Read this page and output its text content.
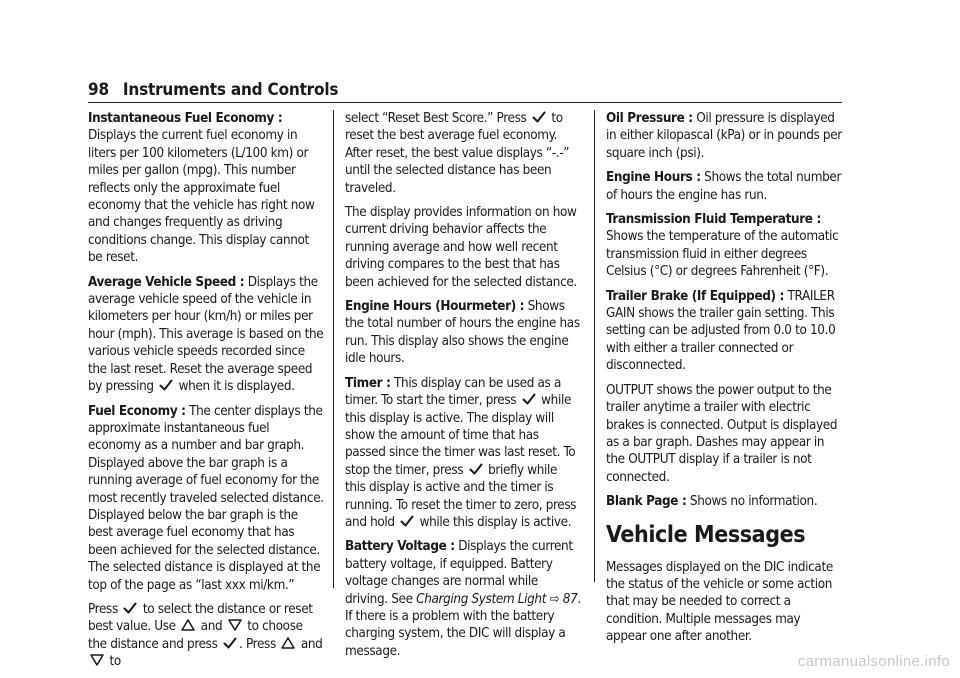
98 Instruments and Controls

Instantaneous Fuel Economy : Displays the current fuel economy in liters per 100 kilometers (L/100 km) or miles per gallon (mpg). This number reflects only the approximate fuel economy that the vehicle has right now and changes frequently as driving conditions change. This display cannot be reset.

Average Vehicle Speed : Displays the average vehicle speed of the vehicle in kilometers per hour (km/h) or miles per hour (mph). This average is based on the various vehicle speeds recorded since the last reset. Reset the average speed by pressing
when it is displayed.

Fuel Economy : The center displays the approximate instantaneous fuel economy as a number and bar graph. Displayed above the bar graph is a running average of fuel economy for the most recently traveled selected distance. Displayed below the bar graph is the best average fuel economy that has been achieved for the selected distance. The selected distance is displayed at the top of the page as “last xxx mi/km.”

Press
to select the distance or reset best value. Use
and
to choose the distance and press
. Press
and
to

select “Reset Best Score.” Press
to reset the best average fuel economy. After reset, the best value displays “-.-” until the selected distance has been traveled.

The display provides information on how current driving behavior affects the running average and how well recent driving compares to the best that has been achieved for the selected distance.

Engine Hours (Hourmeter) : Shows the total number of hours the engine has run. This display also shows the engine idle hours.

Timer : This display can be used as a timer. To start the timer, press
while this display is active. The display will show the amount of time that has passed since the timer was last reset. To stop the timer, press
briefly while this display is active and the timer is running. To reset the timer to zero, press and hold
while this display is active.

Battery Voltage : Displays the current battery voltage, if equipped. Battery voltage changes are normal while driving. See Charging System Light ⇨ 87. If there is a problem with the battery charging system, the DIC will display a message.

Oil Pressure : Oil pressure is displayed in either kilopascal (kPa) or in pounds per square inch (psi).

Engine Hours : Shows the total number of hours the engine has run.

Transmission Fluid Temperature : Shows the temperature of the automatic transmission fluid in either degrees Celsius (°C) or degrees Fahrenheit (°F).

Trailer Brake (If Equipped) : TRAILER GAIN shows the trailer gain setting. This setting can be adjusted from 0.0 to 10.0 with either a trailer connected or disconnected.

OUTPUT shows the power output to the trailer anytime a trailer with electric brakes is connected. Output is displayed as a bar graph. Dashes may appear in the OUTPUT display if a trailer is not connected.

Blank Page : Shows no information.

Vehicle Messages

Messages displayed on the DIC indicate the status of the vehicle or some action that may be needed to correct a condition. Multiple messages may appear one after another.

carmanualsonline.info
